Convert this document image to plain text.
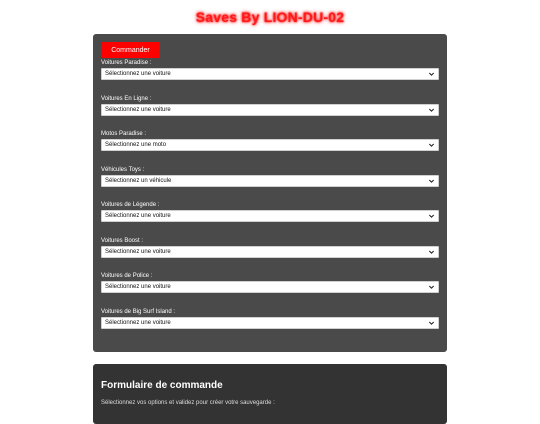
Saves By LION-DU-02
Commander
Voitures Paradise :
Sélectionnez une voiture
Voitures En Ligne :
Sélectionnez une voiture
Motos Paradise :
Sélectionnez une moto
Véhicules Toys :
Sélectionnez un véhicule
Voitures de Légende :
Sélectionnez une voiture
Voitures Boost :
Sélectionnez une voiture
Voitures de Police :
Sélectionnez une voiture
Voitures de Big Surf Island :
Sélectionnez une voiture
Formulaire de commande
Sélectionnez vos options et validez pour créer votre sauvegarde :
